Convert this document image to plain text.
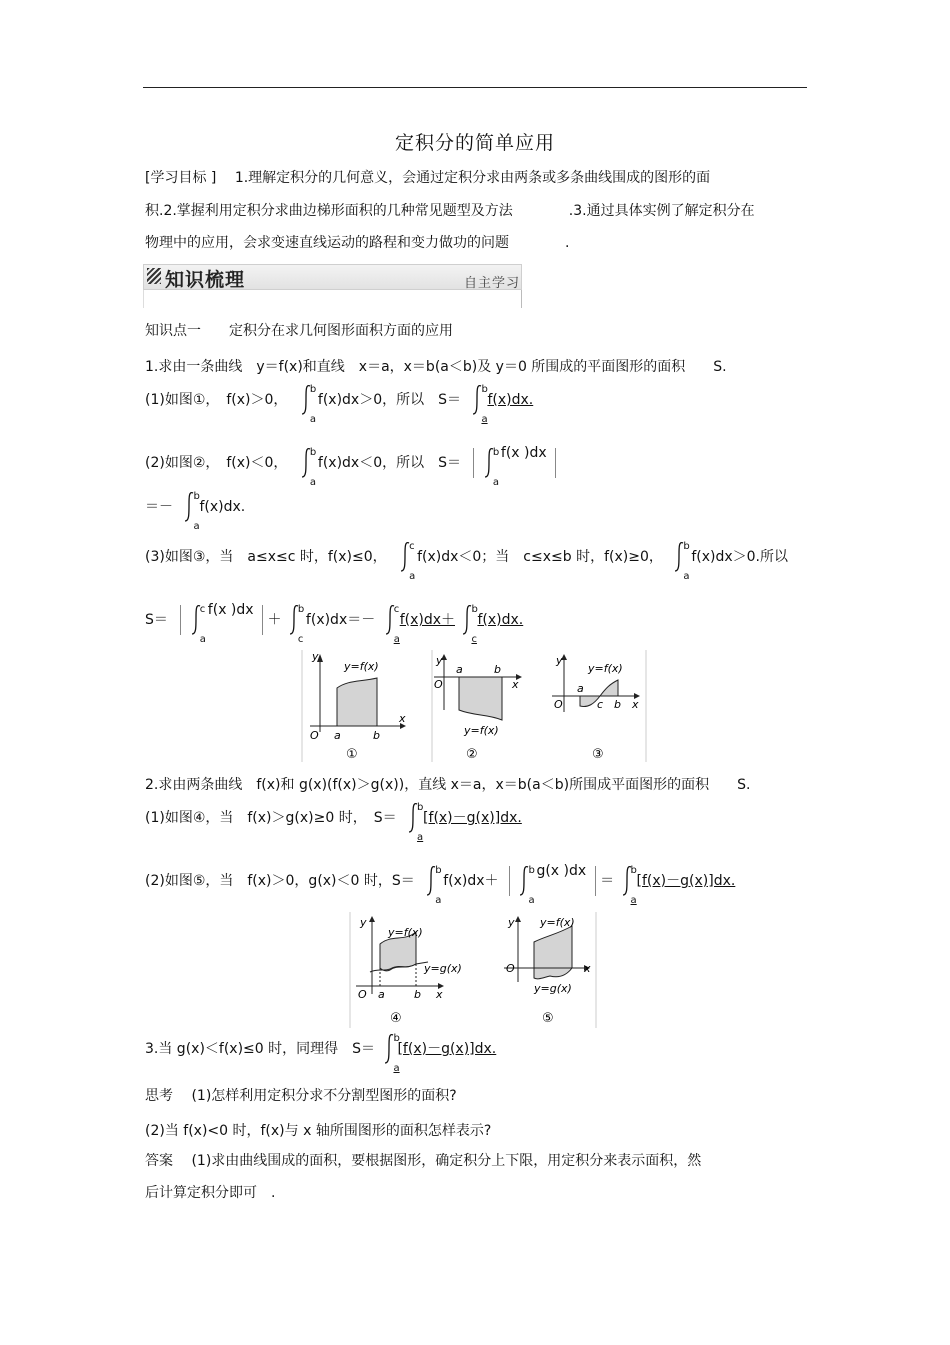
定积分的简单应用
[学习目标 ]　 1.理解定积分的几何意义，会通过定积分求由两条或多条曲线围成的图形的面
积.2.掌握利用定积分求曲边梯形面积的几种常见题型及方法　　　　.3.通过具体实例了解定积分在
物理中的应用，会求变速直线运动的路程和变力做功的问题　　　　.
知识梳理	自主学习
知识点一　　定积分在求几何图形面积方面的应用
1.求由一条曲线　y＝f(x)和直线　x＝a，x＝b(a＜b)及 y＝0 所围成的平面图形的面积　　S.
(1)如图①，　f(x)＞0，
b
a
f(x)dx＞0，所以　S＝
b
a
f(x)dx.
(2)如图②，　f(x)＜0，
b
a
f(x)dx＜0，所以　S＝
b
a
f(x )dx
＝－
b
a
f(x)dx.
(3)如图③，当　a≤x≤c 时，f(x)≤0，
c
a
f(x)dx＜0；当　c≤x≤b 时，f(x)≥0，
b
a
f(x)dx＞0.所以
S＝
c
a
f(x )dx  ＋
b
c
f(x)dx＝－
c
a
f(x)dx＋
b
c
f(x)dx.
y
x
O a	b
y=f(x)
①
y
x
O
a	b
y=f(x)
②
y
x
O
a
c b
y=f(x)
③
2.求由两条曲线　f(x)和 g(x)(f(x)＞g(x))，直线 x＝a，x＝b(a＜b)所围成平面图形的面积　　S.
(1)如图④，当　f(x)＞g(x)≥0 时，　S＝
b
a
[f(x)－g(x)]dx.
(2)如图⑤，当　f(x)＞0，g(x)＜0 时，S＝
b
a
f(x)dx＋
b
a
g(x )dx  ＝
b
a
[f(x)－g(x)]dx.
y
x
O a	b
y=f(x)
y=g(x)
④
y
x
O
y=f(x)
y=g(x)
⑤
3.当 g(x)＜f(x)≤0 时，同理得　S＝
b
a
[f(x)－g(x)]dx.
思考　 (1)怎样利用定积分求不分割型图形的面积?
(2)当 f(x)<0 时，f(x)与 x 轴所围图形的面积怎样表示?
答案　 (1)求由曲线围成的面积，要根据图形，确定积分上下限，用定积分来表示面积，然
后计算定积分即可　.
